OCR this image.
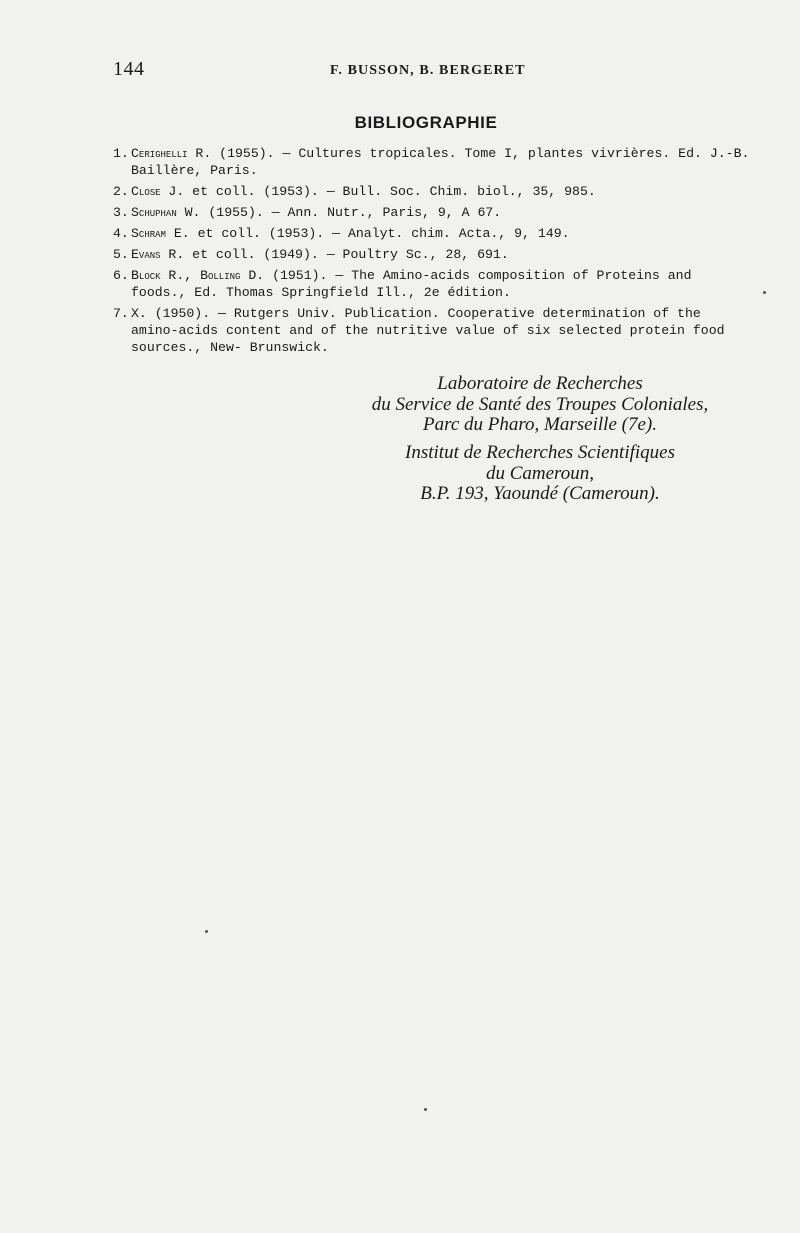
144	F. BUSSON, B. BERGERET
BIBLIOGRAPHIE
1. Cerighelli R. (1955). — Cultures tropicales. Tome I, plantes vivrières. Ed. J.-B. Baillère, Paris.
2. Close J. et coll. (1953). — Bull. Soc. Chim. biol., 35, 985.
3. Schuphan W. (1955). — Ann. Nutr., Paris, 9, A 67.
4. Schram E. et coll. (1953). — Analyt. chim. Acta., 9, 149.
5. Evans R. et coll. (1949). — Poultry Sc., 28, 691.
6. Block R., Bolling D. (1951). — The Amino-acids composition of Proteins and foods., Ed. Thomas Springfield Ill., 2e édition.
7. X. (1950). — Rutgers Univ. Publication. Cooperative determination of the amino-acids content and of the nutritive value of six selected protein food sources., New- Brunswick.
Laboratoire de Recherches
du Service de Santé des Troupes Coloniales,
Parc du Pharo, Marseille (7e).
Institut de Recherches Scientifiques
du Cameroun,
B.P. 193, Yaoundé (Cameroun).
